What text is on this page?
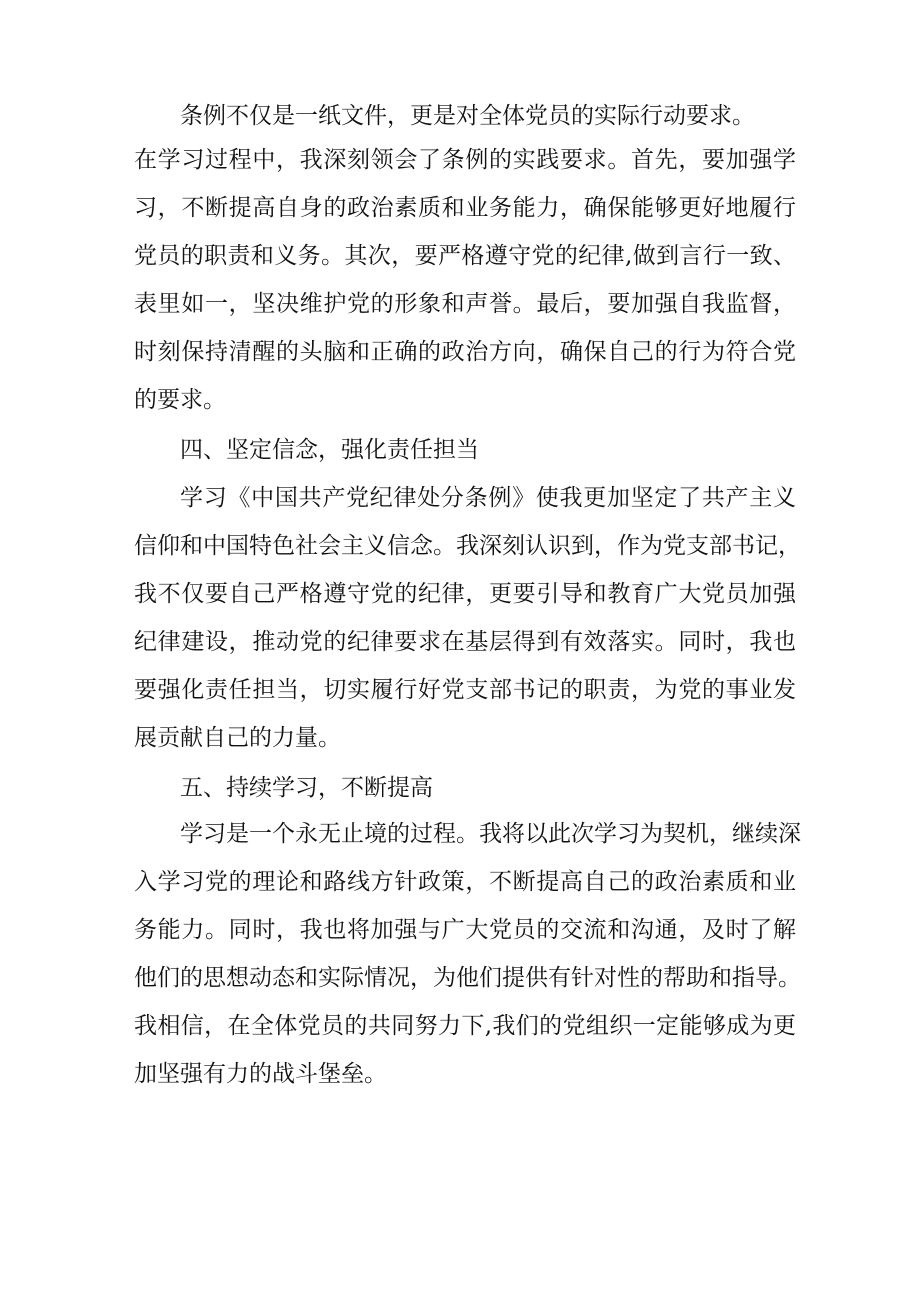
条例不仅是一纸文件，更是对全体党员的实际行动要求。
在学习过程中，我深刻领会了条例的实践要求。首先，要加强学
习，不断提高自身的政治素质和业务能力，确保能够更好地履行
党员的职责和义务。其次，要严格遵守党的纪律,做到言行一致、
表里如一，坚决维护党的形象和声誉。最后，要加强自我监督，
时刻保持清醒的头脑和正确的政治方向，确保自己的行为符合党
的要求。
四、坚定信念，强化责任担当
学习《中国共产党纪律处分条例》使我更加坚定了共产主义
信仰和中国特色社会主义信念。我深刻认识到，作为党支部书记，
我不仅要自己严格遵守党的纪律，更要引导和教育广大党员加强
纪律建设，推动党的纪律要求在基层得到有效落实。同时，我也
要强化责任担当，切实履行好党支部书记的职责，为党的事业发
展贡献自己的力量。
五、持续学习，不断提高
学习是一个永无止境的过程。我将以此次学习为契机，继续深
入学习党的理论和路线方针政策，不断提高自己的政治素质和业
务能力。同时，我也将加强与广大党员的交流和沟通，及时了解
他们的思想动态和实际情况，为他们提供有针对性的帮助和指导。
我相信，在全体党员的共同努力下,我们的党组织一定能够成为更
加坚强有力的战斗堡垒。
